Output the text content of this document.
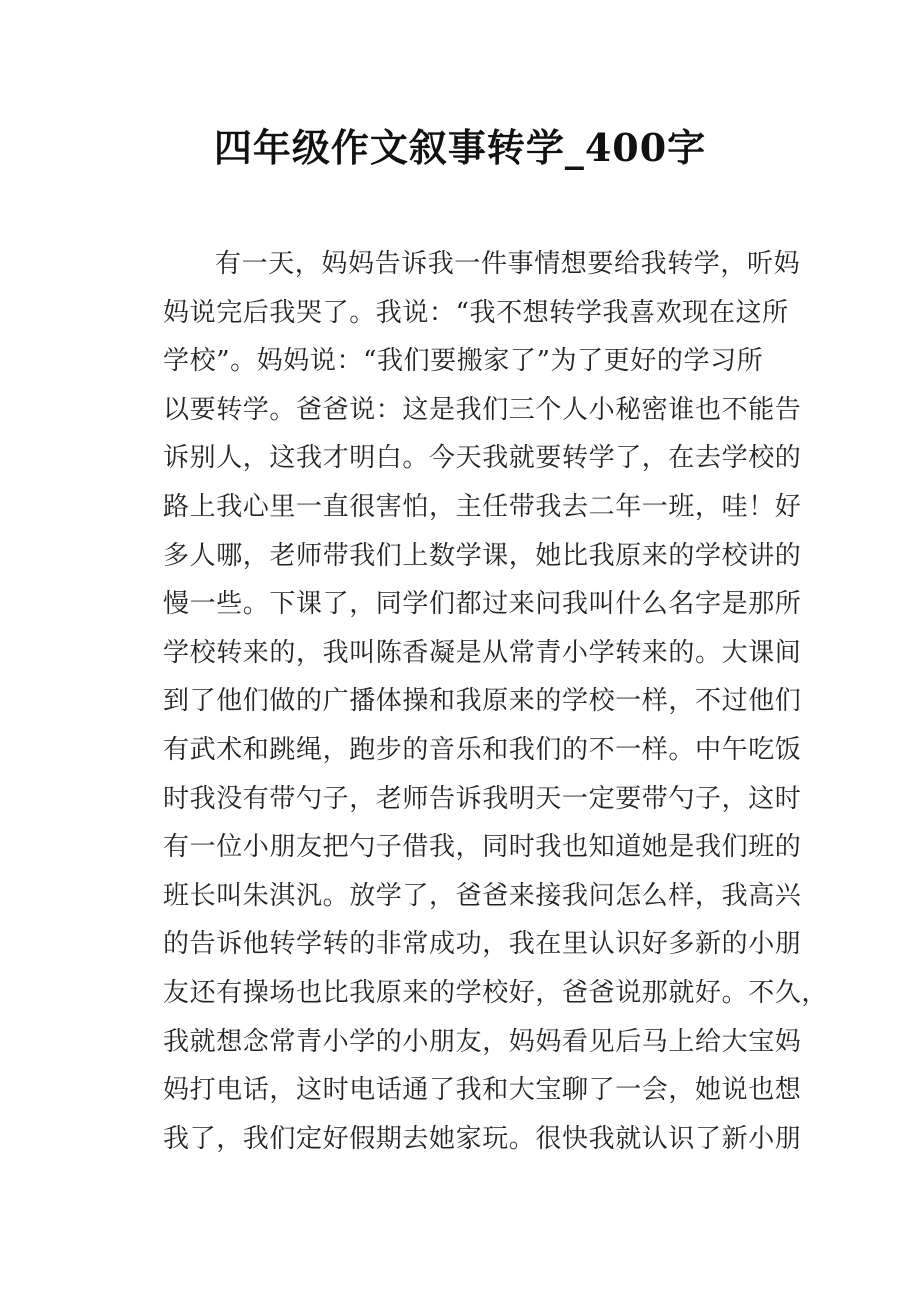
四年级作文叙事转学_400字
有一天，妈妈告诉我一件事情想要给我转学，听妈
妈说完后我哭了。我说：“我不想转学我喜欢现在这所
学校”。妈妈说：“我们要搬家了”为了更好的学习所
以要转学。爸爸说：这是我们三个人小秘密谁也不能告
诉别人，这我才明白。今天我就要转学了，在去学校的
路上我心里一直很害怕，主任带我去二年一班，哇！好
多人哪，老师带我们上数学课，她比我原来的学校讲的
慢一些。下课了，同学们都过来问我叫什么名字是那所
学校转来的，我叫陈香凝是从常青小学转来的。大课间
到了他们做的广播体操和我原来的学校一样，不过他们
有武术和跳绳，跑步的音乐和我们的不一样。中午吃饭
时我没有带勺子，老师告诉我明天一定要带勺子，这时
有一位小朋友把勺子借我，同时我也知道她是我们班的
班长叫朱淇汎。放学了，爸爸来接我问怎么样，我高兴
的告诉他转学转的非常成功，我在里认识好多新的小朋
友还有操场也比我原来的学校好，爸爸说那就好。不久，
我就想念常青小学的小朋友，妈妈看见后马上给大宝妈
妈打电话，这时电话通了我和大宝聊了一会，她说也想
我了，我们定好假期去她家玩。很快我就认识了新小朋
